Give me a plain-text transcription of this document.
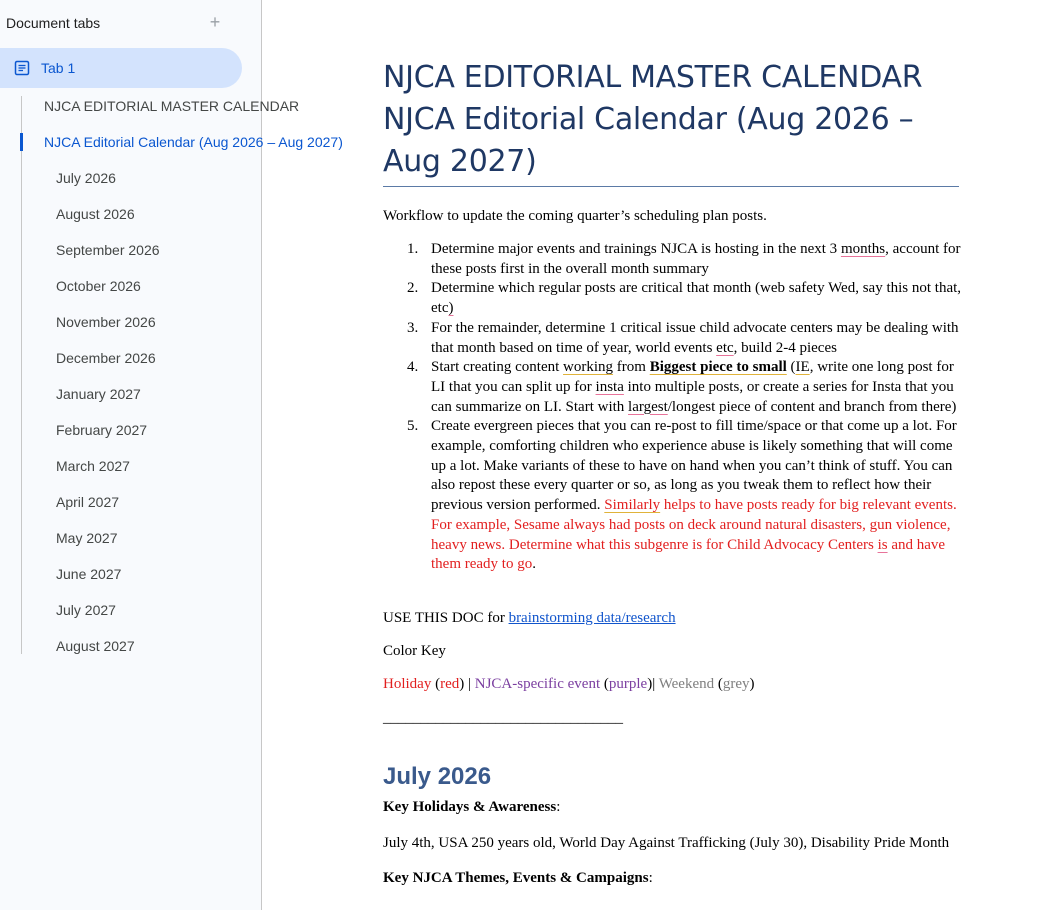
Document tabs	+
Tab 1
NJCA EDITORIAL MASTER CALENDAR
NJCA Editorial Calendar (Aug 2026 – Aug 2027)
July 2026
August 2026
September 2026
October 2026
November 2026
December 2026
January 2027
February 2027
March 2027
April 2027
May 2027
June 2027
July 2027
August 2027
NJCA EDITORIAL MASTER CALENDAR
NJCA Editorial Calendar (Aug 2026 – Aug 2027)
Workflow to update the coming quarter’s scheduling plan posts.
1. Determine major events and trainings NJCA is hosting in the next 3 months, account for these posts first in the overall month summary
2. Determine which regular posts are critical that month (web safety Wed, say this not that, etc)
3. For the remainder, determine 1 critical issue child advocate centers may be dealing with that month based on time of year, world events etc, build 2-4 pieces
4. Start creating content working from Biggest piece to small (IE, write one long post for LI that you can split up for insta into multiple posts, or create a series for Insta that you can summarize on LI. Start with largest/longest piece of content and branch from there)
5. Create evergreen pieces that you can re-post to fill time/space or that come up a lot. For example, comforting children who experience abuse is likely something that will come up a lot. Make variants of these to have on hand when you can’t think of stuff. You can also repost these every quarter or so, as long as you tweak them to reflect how their previous version performed. Similarly helps to have posts ready for big relevant events. For example, Sesame always had posts on deck around natural disasters, gun violence, heavy news. Determine what this subgenre is for Child Advocacy Centers is and have them ready to go.
USE THIS DOC for brainstorming data/research
Color Key
Holiday (red) | NJCA-specific event (purple)| Weekend (grey)
________________________________
July 2026
Key Holidays & Awareness:
July 4th, USA 250 years old, World Day Against Trafficking (July 30), Disability Pride Month
Key NJCA Themes, Events & Campaigns:
